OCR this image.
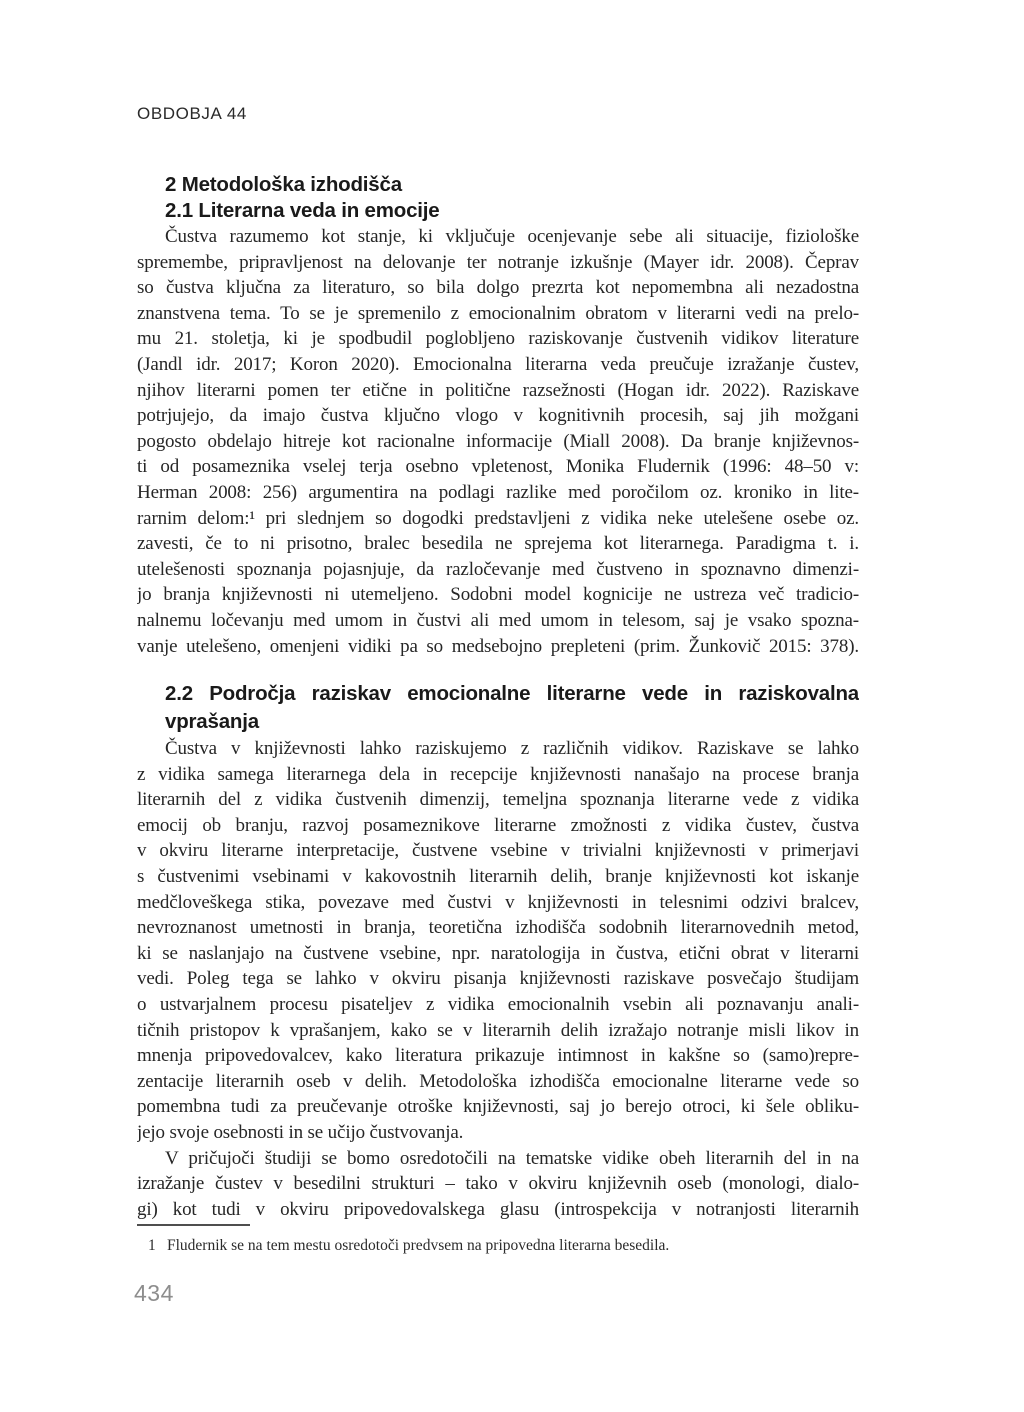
OBDOBJA 44
2 Metodološka izhodišča
2.1 Literarna veda in emocije
Čustva razumemo kot stanje, ki vključuje ocenjevanje sebe ali situacije, fiziološke
spremembe, pripravljenost na delovanje ter notranje izkušnje (Mayer idr. 2008). Čeprav
so čustva ključna za literaturo, so bila dolgo prezrta kot nepomembna ali nezadostna
znanstvena tema. To se je spremenilo z emocionalnim obratom v literarni vedi na prelo-
mu 21. stoletja, ki je spodbudil poglobljeno raziskovanje čustvenih vidikov literature
(Jandl idr. 2017; Koron 2020). Emocionalna literarna veda preučuje izražanje čustev,
njihov literarni pomen ter etične in politične razsežnosti (Hogan idr. 2022). Raziskave
potrjujejo, da imajo čustva ključno vlogo v kognitivnih procesih, saj jih možgani
pogosto obdelajo hitreje kot racionalne informacije (Miall 2008). Da branje književnos-
ti od posameznika vselej terja osebno vpletenost, Monika Fludernik (1996: 48–50 v:
Herman 2008: 256) argumentira na podlagi razlike med poročilom oz. kroniko in lite-
rarnim delom:¹ pri slednjem so dogodki predstavljeni z vidika neke utelešene osebe oz.
zavesti, če to ni prisotno, bralec besedila ne sprejema kot literarnega. Paradigma t. i.
utelešenosti spoznanja pojasnjuje, da razločevanje med čustveno in spoznavno dimenzi-
jo branja književnosti ni utemeljeno. Sodobni model kognicije ne ustreza več tradicio-
nalnemu ločevanju med umom in čustvi ali med umom in telesom, saj je vsako spozna-
vanje utelešeno, omenjeni vidiki pa so medsebojno prepleteni (prim. Žunkovič 2015: 378).
2.2 Področja raziskav emocionalne literarne vede in raziskovalna
vprašanja
Čustva v književnosti lahko raziskujemo z različnih vidikov. Raziskave se lahko
z vidika samega literarnega dela in recepcije književnosti nanašajo na procese branja
literarnih del z vidika čustvenih dimenzij, temeljna spoznanja literarne vede z vidika
emocij ob branju, razvoj posameznikove literarne zmožnosti z vidika čustev, čustva
v okviru literarne interpretacije, čustvene vsebine v trivialni književnosti v primerjavi
s čustvenimi vsebinami v kakovostnih literarnih delih, branje književnosti kot iskanje
medčloveškega stika, povezave med čustvi v književnosti in telesnimi odzivi bralcev,
nevroznanost umetnosti in branja, teoretična izhodišča sodobnih literarnovednih metod,
ki se naslanjajo na čustvene vsebine, npr. naratologija in čustva, etični obrat v literarni
vedi. Poleg tega se lahko v okviru pisanja književnosti raziskave posvečajo študijam
o ustvarjalnem procesu pisateljev z vidika emocionalnih vsebin ali poznavanju anali-
tičnih pristopov k vprašanjem, kako se v literarnih delih izražajo notranje misli likov in
mnenja pripovedovalcev, kako literatura prikazuje intimnost in kakšne so (samo)repre-
zentacije literarnih oseb v delih. Metodološka izhodišča emocionalne literarne vede so
pomembna tudi za preučevanje otroške književnosti, saj jo berejo otroci, ki šele obliku-
jejo svoje osebnosti in se učijo čustvovanja.
V pričujoči študiji se bomo osredotočili na tematske vidike obeh literarnih del in na
izražanje čustev v besedilni strukturi – tako v okviru književnih oseb (monologi, dialo-
gi) kot tudi v okviru pripovedovalskega glasu (introspekcija v notranjosti literarnih
1 Fludernik se na tem mestu osredotoči predvsem na pripovedna literarna besedila.
434
